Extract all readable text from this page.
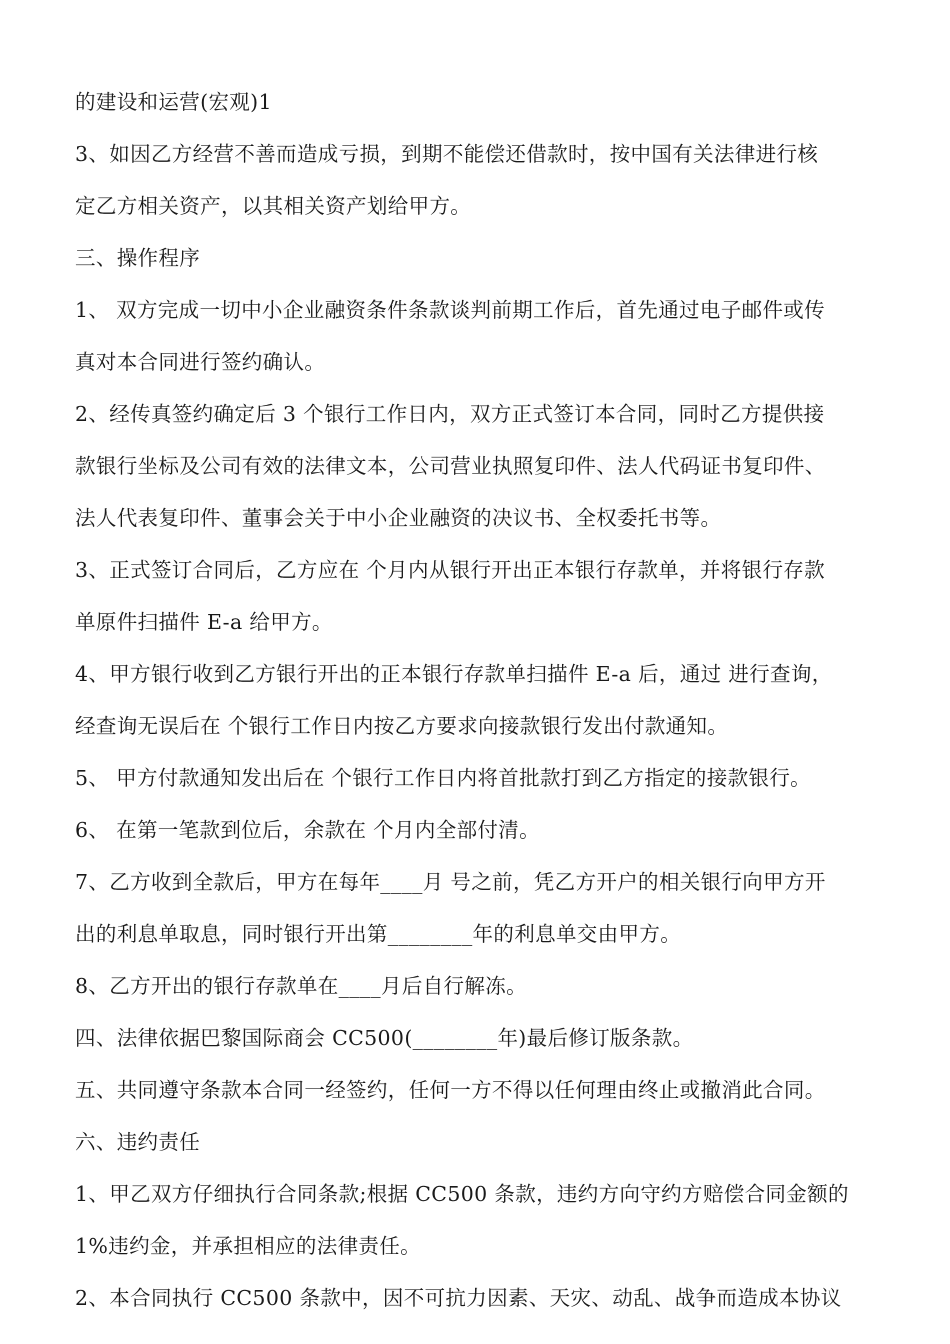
的建设和运营(宏观)1
3、如因乙方经营不善而造成亏损，到期不能偿还借款时，按中国有关法律进行核
定乙方相关资产，以其相关资产划给甲方。
三、操作程序
1、 双方完成一切中小企业融资条件条款谈判前期工作后，首先通过电子邮件或传
真对本合同进行签约确认。
2、经传真签约确定后 3 个银行工作日内，双方正式签订本合同，同时乙方提供接
款银行坐标及公司有效的法律文本，公司营业执照复印件、法人代码证书复印件、
法人代表复印件、董事会关于中小企业融资的决议书、全权委托书等。
3、正式签订合同后，乙方应在 个月内从银行开出正本银行存款单，并将银行存款
单原件扫描件 E-a 给甲方。
4、甲方银行收到乙方银行开出的正本银行存款单扫描件 E-a 后，通过 进行查询，
经查询无误后在 个银行工作日内按乙方要求向接款银行发出付款通知。
5、 甲方付款通知发出后在 个银行工作日内将首批款打到乙方指定的接款银行。
6、 在第一笔款到位后，余款在 个月内全部付清。
7、乙方收到全款后，甲方在每年____月 号之前，凭乙方开户的相关银行向甲方开
出的利息单取息，同时银行开出第________年的利息单交由甲方。
8、乙方开出的银行存款单在____月后自行解冻。
四、法律依据巴黎国际商会 CC500(________年)最后修订版条款。
五、共同遵守条款本合同一经签约，任何一方不得以任何理由终止或撤消此合同。
六、违约责任
1、甲乙双方仔细执行合同条款;根据 CC500 条款，违约方向守约方赔偿合同金额的
1%违约金，并承担相应的法律责任。
2、本合同执行 CC500 条款中，因不可抗力因素、天灾、动乱、战争而造成本协议
